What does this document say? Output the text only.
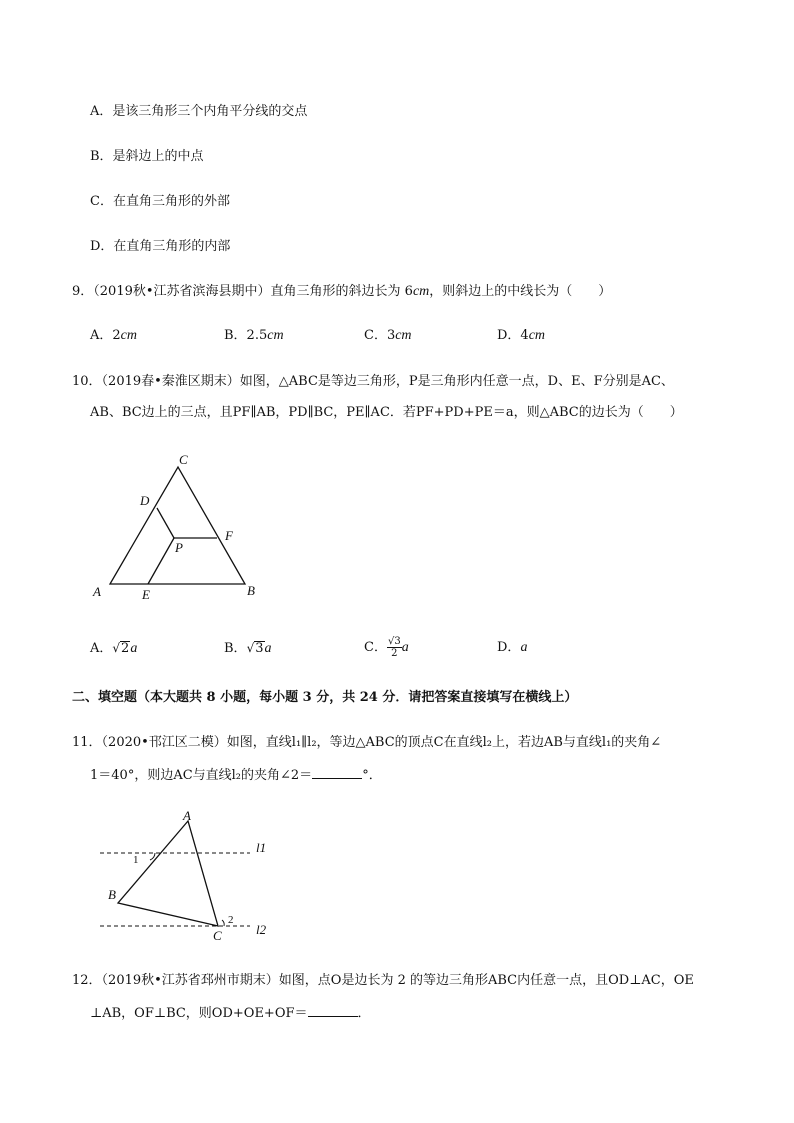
A．是该三角形三个内角平分线的交点
B．是斜边上的中点
C．在直角三角形的外部
D．在直角三角形的内部
9．（2019秋•江苏省滨海县期中）直角三角形的斜边长为 6cm，则斜边上的中线长为（　　）
A．2cm	B．2.5cm	C．3cm	D．4cm
10．（2019春•秦淮区期末）如图，△ABC是等边三角形，P是三角形内任意一点，D、E、F分别是AC、
AB、BC边上的三点，且PF∥AB，PD∥BC，PE∥AC．若PF+PD+PE＝a，则△ABC的边长为（　　）
C
D
F
P
A	E	B
A．√2a	B．√3a	C． $\frac{√3}{2}$ a	D．a
二、填空题（本大题共 8 小题，每小题 3 分，共 24 分．请把答案直接填写在横线上）
11．（2020•邗江区二模）如图，直线l₁∥l₂，等边△ABC的顶点C在直线l₂上，若边AB与直线l₁的夹角∠
1＝40°，则边AC与直线l₂的夹角∠2＝	°．
A
B
C
1
2
l1
l2
12．（2019秋•江苏省邳州市期末）如图，点O是边长为 2 的等边三角形ABC内任意一点，且OD⊥AC，OE
⊥AB，OF⊥BC，则OD+OE+OF＝	．
